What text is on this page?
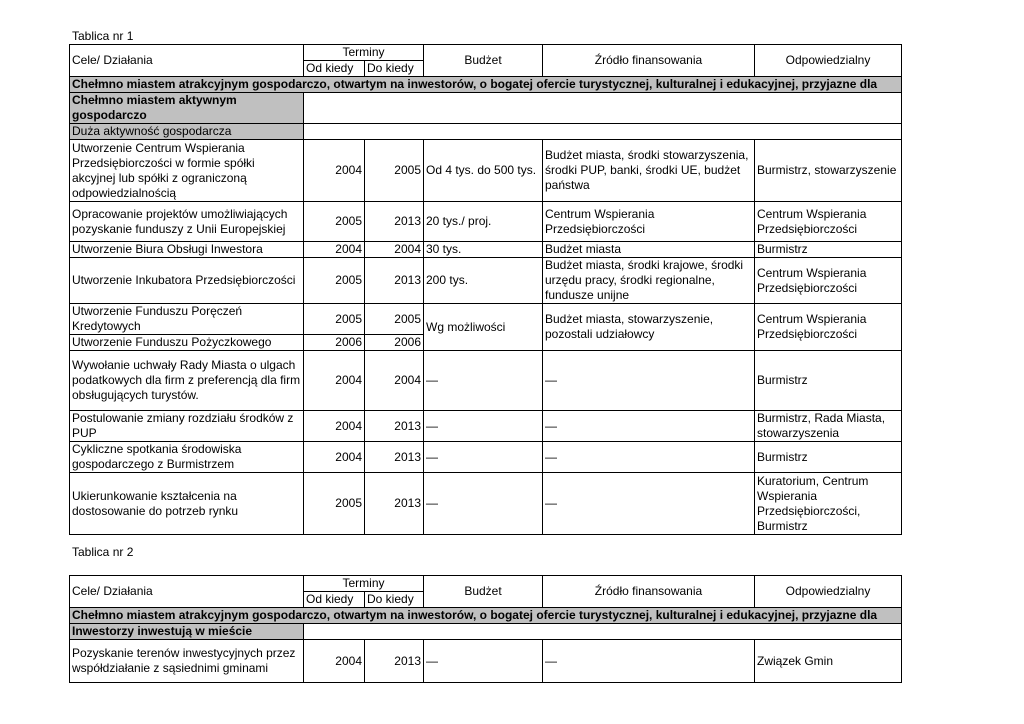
Tablica nr 1
Cele/ Działania	Terminy		Budżet	Źródło finansowania	Odpowiedzialny
	Od kiedy	Do kiedy			
Chełmno miastem atrakcyjnym gospodarczo, otwartym na inwestorów, o bogatej ofercie turystycznej, kulturalnej i edukacyjnej, przyjazne dla					
Chełmno miastem aktywnym gospodarczo					
Duża aktywność gospodarcza					
Utworzenie Centrum Wspierania Przedsiębiorczości w formie spółki akcyjnej lub spółki z ograniczoną odpowiedzialnością	2004	2005	Od 4 tys. do 500 tys.	Budżet miasta, środki stowarzyszenia, środki PUP, banki, środki UE, budżet państwa	Burmistrz, stowarzyszenie
Opracowanie projektów umożliwiających pozyskanie funduszy z Unii Europejskiej	2005	2013	20 tys./ proj.	Centrum Wspierania Przedsiębiorczości	Centrum Wspierania Przedsiębiorczości
Utworzenie Biura Obsługi Inwestora	2004	2004	30 tys.	Budżet miasta	Burmistrz
Utworzenie Inkubatora Przedsiębiorczości	2005	2013	200 tys.	Budżet miasta, środki krajowe, środki urzędu pracy, środki regionalne, fundusze unijne	Centrum Wspierania Przedsiębiorczości
Utworzenie Funduszu Poręczeń Kredytowych	2005	2005	Wg możliwości	Budżet miasta, stowarzyszenie, pozostali udziałowcy	Centrum Wspierania Przedsiębiorczości
Utworzenie Funduszu Pożyczkowego	2006	2006			
Wywołanie uchwały Rady Miasta o ulgach podatkowych dla firm z preferencją dla firm obsługujących turystów.	2004	2004	—	—	Burmistrz
Postulowanie zmiany rozdziału środków z PUP	2004	2013	—	—	Burmistrz, Rada Miasta, stowarzyszenia
Cykliczne spotkania środowiska gospodarczego z Burmistrzem	2004	2013	—	—	Burmistrz
Ukierunkowanie kształcenia na dostosowanie do potrzeb rynku	2005	2013	—	—	Kuratorium, Centrum Wspierania Przedsiębiorczości, Burmistrz
Tablica nr 2
Cele/ Działania	Terminy		Budżet	Źródło finansowania	Odpowiedzialny
	Od kiedy	Do kiedy			
Chełmno miastem atrakcyjnym gospodarczo, otwartym na inwestorów, o bogatej ofercie turystycznej, kulturalnej i edukacyjnej, przyjazne dla					
Inwestorzy inwestują w mieście					
Pozyskanie terenów inwestycyjnych przez współdziałanie z sąsiednimi gminami	2004	2013	—	—	Związek Gmin
